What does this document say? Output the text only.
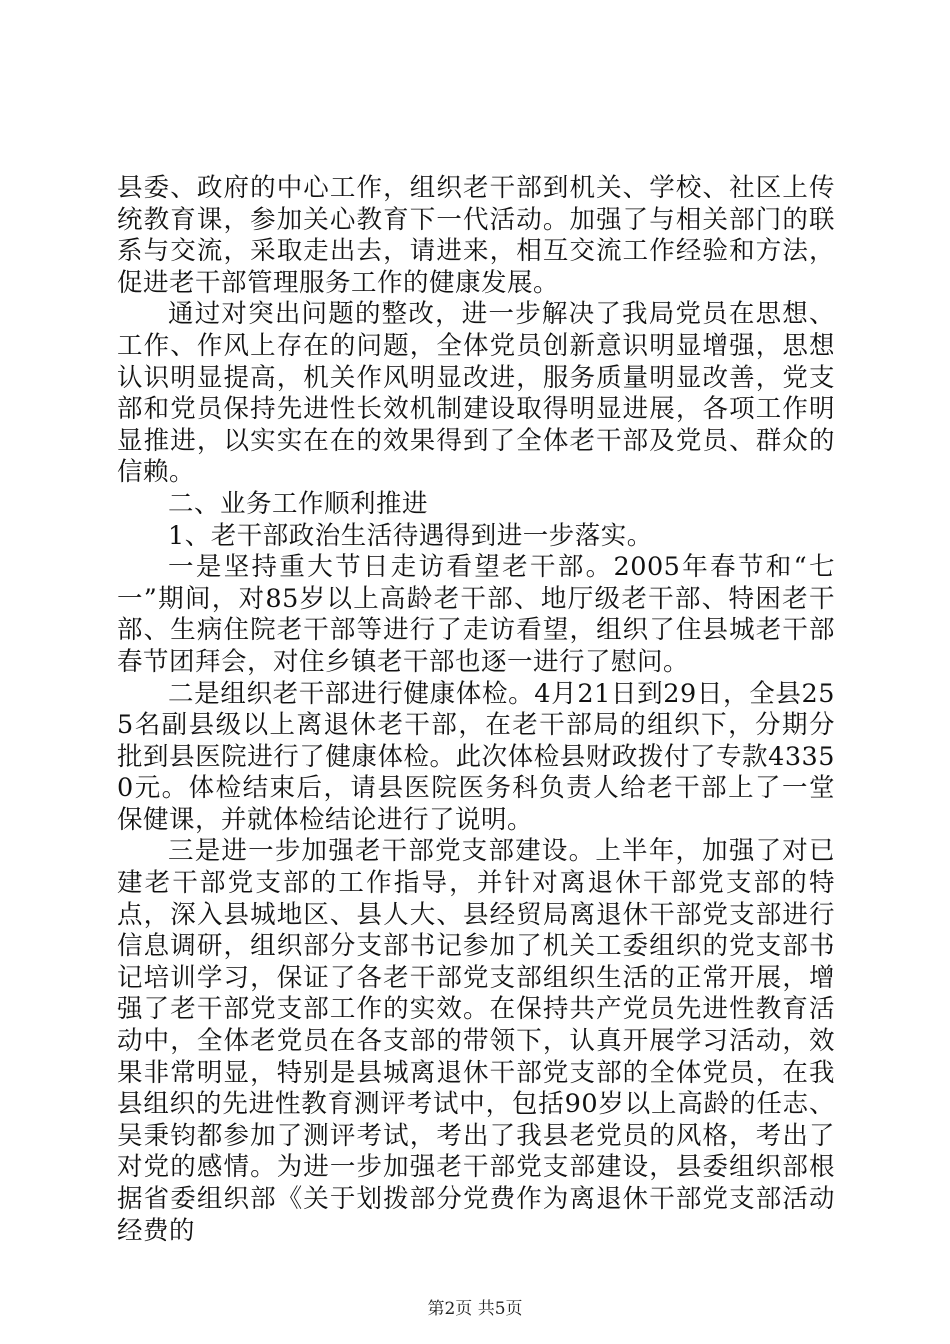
县委、政府的中心工作，组织老干部到机关、学校、社区上传统教育课，参加关心教育下一代活动。加强了与相关部门的联系与交流，采取走出去，请进来，相互交流工作经验和方法，促进老干部管理服务工作的健康发展。

通过对突出问题的整改，进一步解决了我局党员在思想、工作、作风上存在的问题，全体党员创新意识明显增强，思想认识明显提高，机关作风明显改进，服务质量明显改善，党支部和党员保持先进性长效机制建设取得明显进展，各项工作明显推进，以实实在在的效果得到了全体老干部及党员、群众的信赖。

二、业务工作顺利推进

1、老干部政治生活待遇得到进一步落实。

一是坚持重大节日走访看望老干部。2005年春节和“七一”期间，对85岁以上高龄老干部、地厅级老干部、特困老干部、生病住院老干部等进行了走访看望，组织了住县城老干部春节团拜会，对住乡镇老干部也逐一进行了慰问。

二是组织老干部进行健康体检。4月21日到29日，全县255名副县级以上离退休老干部，在老干部局的组织下，分期分批到县医院进行了健康体检。此次体检县财政拨付了专款43350元。体检结束后，请县医院医务科负责人给老干部上了一堂保健课，并就体检结论进行了说明。

三是进一步加强老干部党支部建设。上半年，加强了对已建老干部党支部的工作指导，并针对离退休干部党支部的特点，深入县城地区、县人大、县经贸局离退休干部党支部进行信息调研，组织部分支部书记参加了机关工委组织的党支部书记培训学习，保证了各老干部党支部组织生活的正常开展，增强了老干部党支部工作的实效。在保持共产党员先进性教育活动中，全体老党员在各支部的带领下，认真开展学习活动，效果非常明显，特别是县城离退休干部党支部的全体党员，在我县组织的先进性教育测评考试中，包括90岁以上高龄的任志、吴秉钧都参加了测评考试，考出了我县老党员的风格，考出了对党的感情。为进一步加强老干部党支部建设，县委组织部根据省委组织部《关于划拨部分党费作为离退休干部党支部活动经费的

第2页 共5页
